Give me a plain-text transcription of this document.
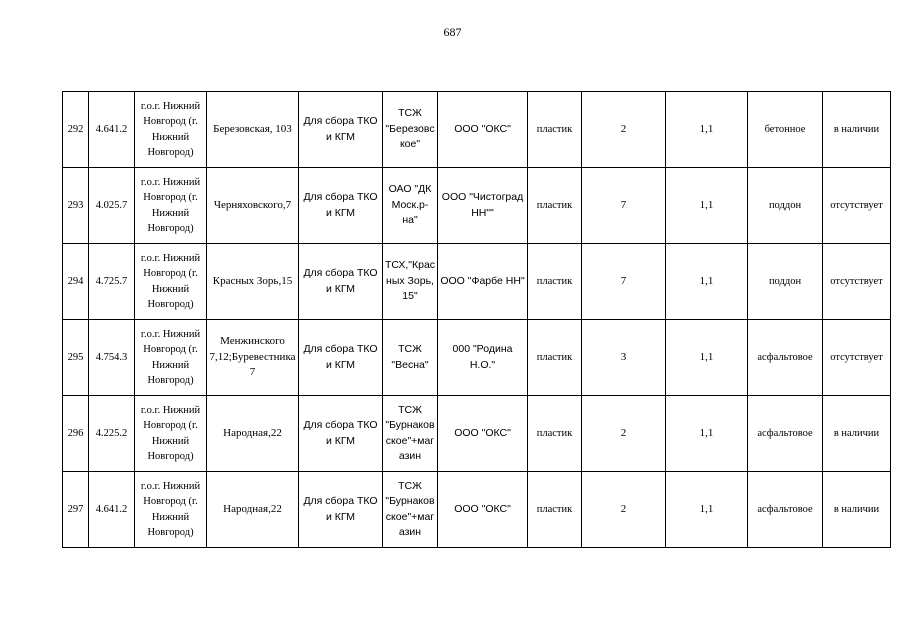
687
292	4.641.2	г.о.г. Нижний Новгород (г. Нижний Новгород)	Березовская, 103	Для сбора ТКО и КГМ	ТСЖ "Березовское"	ООО "ОКС"	пластик	2	1,1	бетонное	в наличии
293	4.025.7	г.о.г. Нижний Новгород (г. Нижний Новгород)	Черняховского,7	Для сбора ТКО и КГМ	ОАО "ДК Моск.р-на"	ООО "Чистоград НН""	пластик	7	1,1	поддон	отсутствует
294	4.725.7	г.о.г. Нижний Новгород (г. Нижний Новгород)	Красных Зорь,15	Для сбора ТКО и КГМ	ТСХ,"Красных Зорь, 15"	ООО "Фарбе НН"	пластик	7	1,1	поддон	отсутствует
295	4.754.3	г.о.г. Нижний Новгород (г. Нижний Новгород)	Менжинского 7,12;Буревестника 7	Для сбора ТКО и КГМ	ТСЖ "Весна"	000 "Родина Н.О."	пластик	3	1,1	асфальтовое	отсутствует
296	4.225.2	г.о.г. Нижний Новгород (г. Нижний Новгород)	Народная,22	Для сбора ТКО и КГМ	ТСЖ "Бурнаковское"+магазин	ООО "ОКС"	пластик	2	1,1	асфальтовое	в наличии
297	4.641.2	г.о.г. Нижний Новгород (г. Нижний Новгород)	Народная,22	Для сбора ТКО и КГМ	ТСЖ "Бурнаковское"+магазин	ООО "ОКС"	пластик	2	1,1	асфальтовое	в наличии
